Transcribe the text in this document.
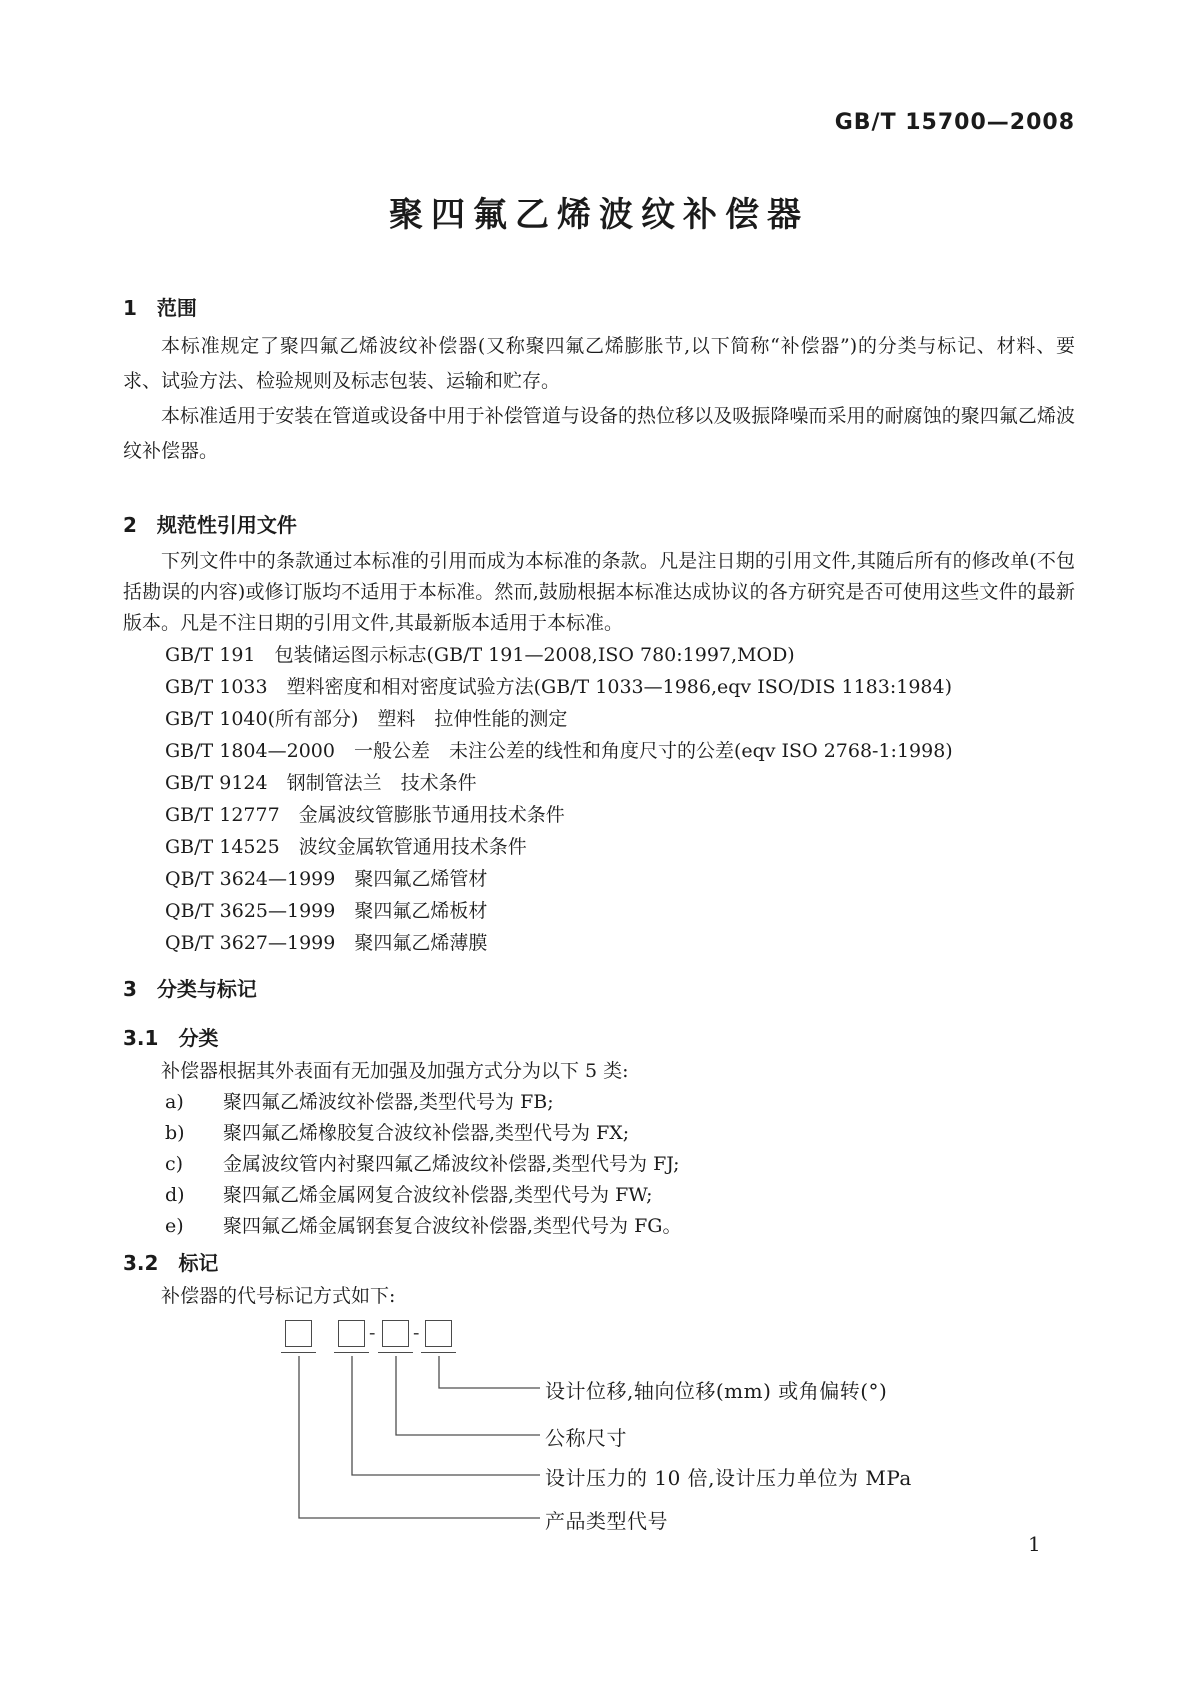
GB/T 15700—2008
聚四氟乙烯波纹补偿器
1 范围

本标准规定了聚四氟乙烯波纹补偿器(又称聚四氟乙烯膨胀节,以下简称“补偿器”)的分类与标记、材料、要求、试验方法、检验规则及标志包装、运输和贮存。

本标准适用于安装在管道或设备中用于补偿管道与设备的热位移以及吸振降噪而采用的耐腐蚀的聚四氟乙烯波纹补偿器。

2 规范性引用文件

下列文件中的条款通过本标准的引用而成为本标准的条款。凡是注日期的引用文件,其随后所有的修改单(不包括勘误的内容)或修订版均不适用于本标准。然而,鼓励根据本标准达成协议的各方研究是否可使用这些文件的最新版本。凡是不注日期的引用文件,其最新版本适用于本标准。

GB/T 191　包装储运图示标志(GB/T 191—2008,ISO 780:1997,MOD)
GB/T 1033　塑料密度和相对密度试验方法(GB/T 1033—1986,eqv ISO/DIS 1183:1984)
GB/T 1040(所有部分)　塑料　拉伸性能的测定
GB/T 1804—2000　一般公差　未注公差的线性和角度尺寸的公差(eqv ISO 2768-1:1998)
GB/T 9124　钢制管法兰　技术条件
GB/T 12777　金属波纹管膨胀节通用技术条件
GB/T 14525　波纹金属软管通用技术条件
QB/T 3624—1999　聚四氟乙烯管材
QB/T 3625—1999　聚四氟乙烯板材
QB/T 3627—1999　聚四氟乙烯薄膜
3 分类与标记
3.1 分类

补偿器根据其外表面有无加强及加强方式分为以下 5 类:

a)	聚四氟乙烯波纹补偿器,类型代号为 FB;
b)	聚四氟乙烯橡胶复合波纹补偿器,类型代号为 FX;
c)	金属波纹管内衬聚四氟乙烯波纹补偿器,类型代号为 FJ;
d)	聚四氟乙烯金属网复合波纹补偿器,类型代号为 FW;
e)	聚四氟乙烯金属钢套复合波纹补偿器,类型代号为 FG。
3.2 标记

补偿器的代号标记方式如下:

- -
设计位移,轴向位移(mm) 或角偏转(°)
公称尺寸
设计压力的 10 倍,设计压力单位为 MPa
产品类型代号
1
